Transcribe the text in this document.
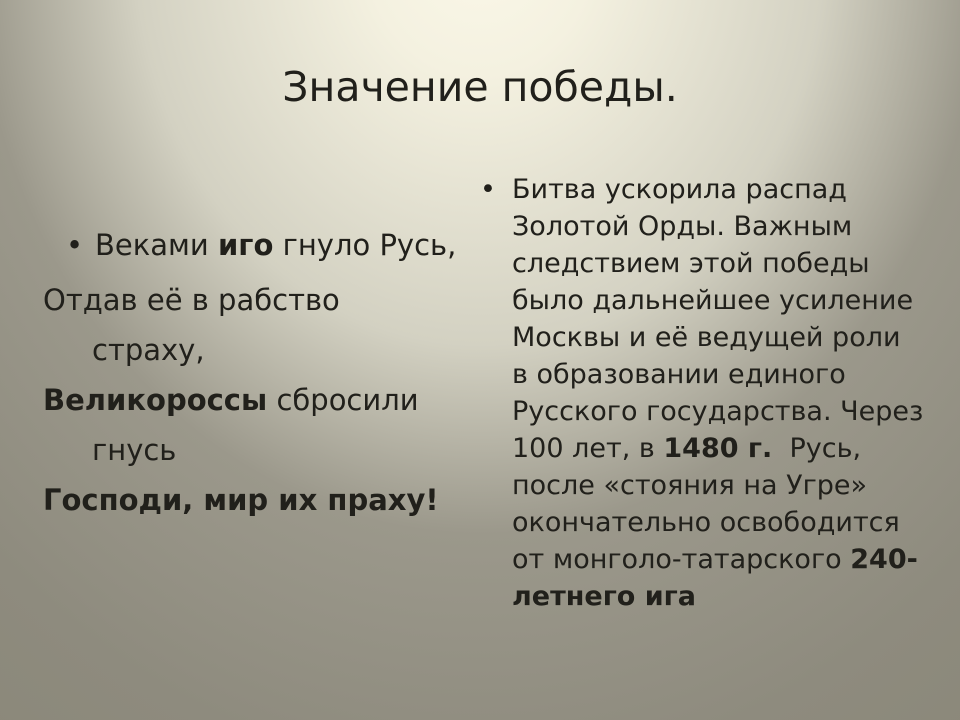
Значение победы.
• Веками иго гнуло Русь,
Отдав её в рабство
страху,
Великороссы сбросили
гнусь
Господи, мир их праху!
• Битва ускорила распад
Золотой Орды. Важным
следствием этой победы
было дальнейшее усиление
Москвы и её ведущей роли
в образовании единого
Русского государства. Через
100 лет, в 1480 г.  Русь,
после «стояния на Угре»
окончательно освободится
от монголо-татарского 240-
летнего ига
